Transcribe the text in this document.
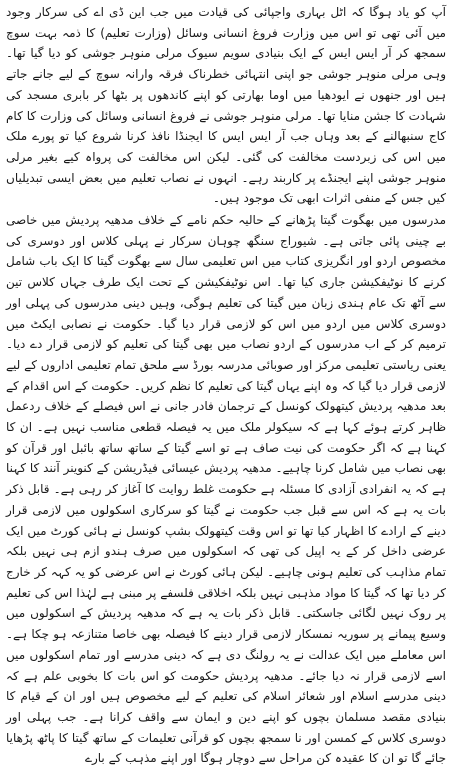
آپ کو یاد ہوگا کہ اٹل بہاری واجپائی کی قیادت میں جب این ڈی اے کی سرکار وجود میں آئی تھی تو اس میں وزارت فروغ انسانی وسائل (وزارت تعلیم) کا ذمہ بہت سوچ سمجھ کر آر ایس ایس کے ایک بنیادی سویم سیوک مرلی منوہر جوشی کو دیا گیا تھا۔ وہی مرلی منوہر جوشی جو اپنی انتہائی خطرناک فرقہ وارانہ سوچ کے لیے جانے جاتے ہیں اور جنھوں نے ایودھیا میں اوما بھارتی کو اپنے کاندھوں پر بٹھا کر بابری مسجد کی شہادت کا جشن منایا تھا۔ مرلی منوہر جوشی نے فروغ انسانی وسائل کی وزارت کا کام کاج سنبھالنے کے بعد وہاں جب آر ایس ایس کا ایجنڈا نافذ کرنا شروع کیا تو پورے ملک میں اس کی زبردست مخالفت کی گئی۔ لیکن اس مخالفت کی پرواہ کیے بغیر مرلی منوہر جوشی اپنے ایجنڈے پر کاربند رہے۔ انہوں نے نصاب تعلیم میں بعض ایسی تبدیلیاں کیں جس کے منفی اثرات ابھی تک موجود ہیں۔

مدرسوں میں بھگوت گیتا پڑھانے کے حالیہ حکم نامے کے خلاف مدھیہ پردیش میں خاصی بے چینی پائی جاتی ہے۔ شیوراج سنگھ چوہان سرکار نے پہلی کلاس اور دوسری کی مخصوص اردو اور انگریزی کتاب میں اس تعلیمی سال سے بھگوت گیتا کا ایک باب شامل کرنے کا نوٹیفکیشن جاری کیا تھا۔ اس نوٹیفکیشن کے تحت ایک طرف جہاں کلاس تین سے آٹھ تک عام ہندی زبان میں گیتا کی تعلیم ہوگی، وہیں دینی مدرسوں کی پہلی اور دوسری کلاس میں اردو میں اس کو لازمی قرار دیا گیا۔ حکومت نے نصابی ایکٹ میں ترمیم کر کے اب مدرسوں کے اردو نصاب میں بھی گیتا کی تعلیم کو لازمی قرار دے دیا۔ یعنی ریاستی تعلیمی مرکز اور صوبائی مدرسہ بورڈ سے ملحق تمام تعلیمی اداروں کے لیے لازمی قرار دیا گیا کہ وہ اپنے یہاں گیتا کی تعلیم کا نظم کریں۔ حکومت کے اس اقدام کے بعد مدھیہ پردیش کیتھولک کونسل کے ترجمان فادر جانی نے اس فیصلے کے خلاف ردعمل ظاہر کرتے ہوئے کہا ہے کہ سیکولر ملک میں یہ فیصلہ قطعی مناسب نہیں ہے۔ ان کا کہنا ہے کہ اگر حکومت کی نیت صاف ہے تو اسے گیتا کے ساتھ ساتھ بائبل اور قرآن کو بھی نصاب میں شامل کرنا چاہیے۔ مدھیہ پردیش عیسائی فیڈریشن کے کنوینر آنند کا کہنا ہے کہ یہ انفرادی آزادی کا مسئلہ ہے حکومت غلط روایت کا آغاز کر رہی ہے۔ قابل ذکر بات یہ ہے کہ اس سے قبل جب حکومت نے گیتا کو سرکاری اسکولوں میں لازمی قرار دینے کے ارادے کا اظہار کیا تھا تو اس وقت کیتھولک بشپ کونسل نے ہائی کورٹ میں ایک عرضی داخل کر کے یہ اپیل کی تھی کہ اسکولوں میں صرف ہندو ازم ہی نہیں بلکہ تمام مذاہب کی تعلیم ہونی چاہیے۔ لیکن ہائی کورٹ نے اس عرضی کو یہ کہہ کر خارج کر دیا تھا کہ گیتا کا مواد مذہبی نہیں بلکہ اخلاقی فلسفے پر مبنی ہے لہٰذا اس کی تعلیم پر روک نہیں لگائی جاسکتی۔ قابل ذکر بات یہ ہے کہ مدھیہ پردیش کے اسکولوں میں وسیع پیمانے پر سوریہ نمسکار لازمی قرار دینے کا فیصلہ بھی خاصا متنازعہ ہو چکا ہے۔ اس معاملے میں ایک عدالت نے یہ رولنگ دی ہے کہ دینی مدرسے اور تمام اسکولوں میں اسے لازمی قرار نہ دیا جائے۔ مدھیہ پردیش حکومت کو اس بات کا بخوبی علم ہے کہ دینی مدرسے اسلام اور شعائر اسلام کی تعلیم کے لیے مخصوص ہیں اور ان کے قیام کا بنیادی مقصد مسلمان بچوں کو اپنے دین و ایمان سے واقف کرانا ہے۔ جب پہلی اور دوسری کلاس کے کمسن اور نا سمجھ بچوں کو قرآنی تعلیمات کے ساتھ گیتا کا پاٹھ پڑھایا جائے گا تو ان کا عقیدہ کن مراحل سے دوچار ہوگا اور اپنے مذہب کے بارے
